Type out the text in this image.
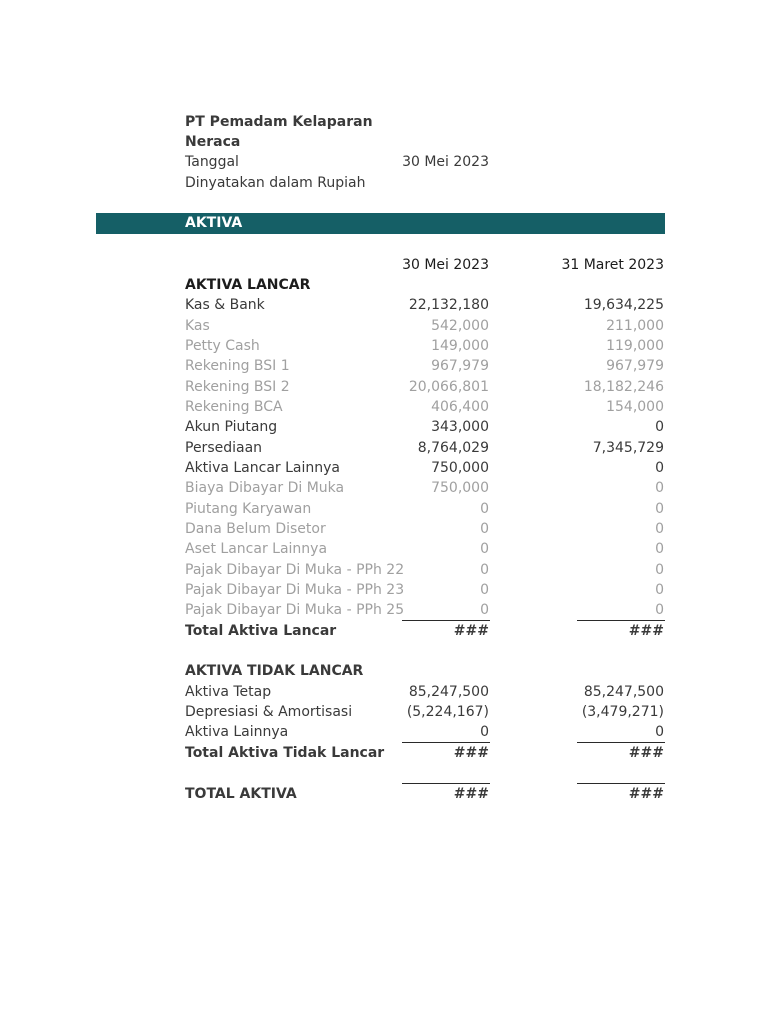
PT Pemadam Kelaparan
Neraca
Tanggal	30 Mei 2023
Dinyatakan dalam Rupiah
AKTIVA
30 Mei 2023	31 Maret 2023
AKTIVA LANCAR
Kas & Bank	22,132,180	19,634,225
Kas	542,000	211,000
Petty Cash	149,000	119,000
Rekening BSI 1	967,979	967,979
Rekening BSI 2	20,066,801	18,182,246
Rekening BCA	406,400	154,000
Akun Piutang	343,000	0
Persediaan	8,764,029	7,345,729
Aktiva Lancar Lainnya	750,000	0
Biaya Dibayar Di Muka	750,000	0
Piutang Karyawan	0	0
Dana Belum Disetor	0	0
Aset Lancar Lainnya	0	0
Pajak Dibayar Di Muka - PPh 22	0	0
Pajak Dibayar Di Muka - PPh 23	0	0
Pajak Dibayar Di Muka - PPh 25	0	0
Total Aktiva Lancar	###	###
AKTIVA TIDAK LANCAR
Aktiva Tetap	85,247,500	85,247,500
Depresiasi & Amortisasi	(5,224,167)	(3,479,271)
Aktiva Lainnya	0	0
Total Aktiva Tidak Lancar	###	###
TOTAL AKTIVA	###	###
